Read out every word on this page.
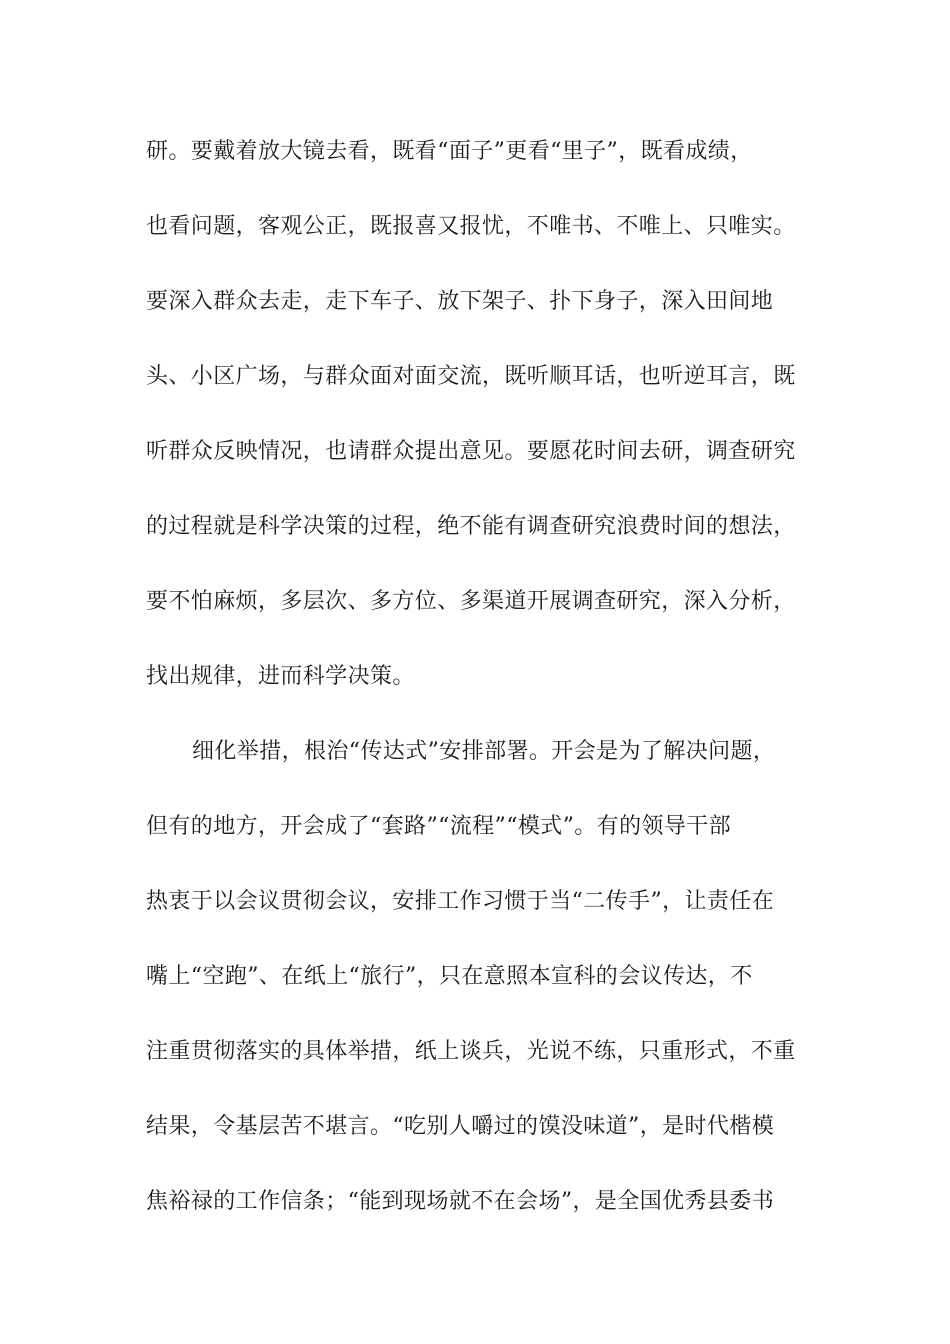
研。要戴着放大镜去看，既看“面子”更看“里子”，既看成绩，
也看问题，客观公正，既报喜又报忧，不唯书、不唯上、只唯实。
要深入群众去走，走下车子、放下架子、扑下身子，深入田间地
头、小区广场，与群众面对面交流，既听顺耳话，也听逆耳言，既
听群众反映情况，也请群众提出意见。要愿花时间去研，调查研究
的过程就是科学决策的过程，绝不能有调查研究浪费时间的想法，
要不怕麻烦，多层次、多方位、多渠道开展调查研究，深入分析，
找出规律，进而科学决策。
细化举措，根治“传达式”安排部署。开会是为了解决问题，
但有的地方，开会成了“套路”“流程”“模式”。有的领导干部
热衷于以会议贯彻会议，安排工作习惯于当“二传手”，让责任在
嘴上“空跑”、在纸上“旅行”，只在意照本宣科的会议传达，不
注重贯彻落实的具体举措，纸上谈兵，光说不练，只重形式，不重
结果，令基层苦不堪言。“吃别人嚼过的馍没味道”，是时代楷模
焦裕禄的工作信条；“能到现场就不在会场”，是全国优秀县委书
